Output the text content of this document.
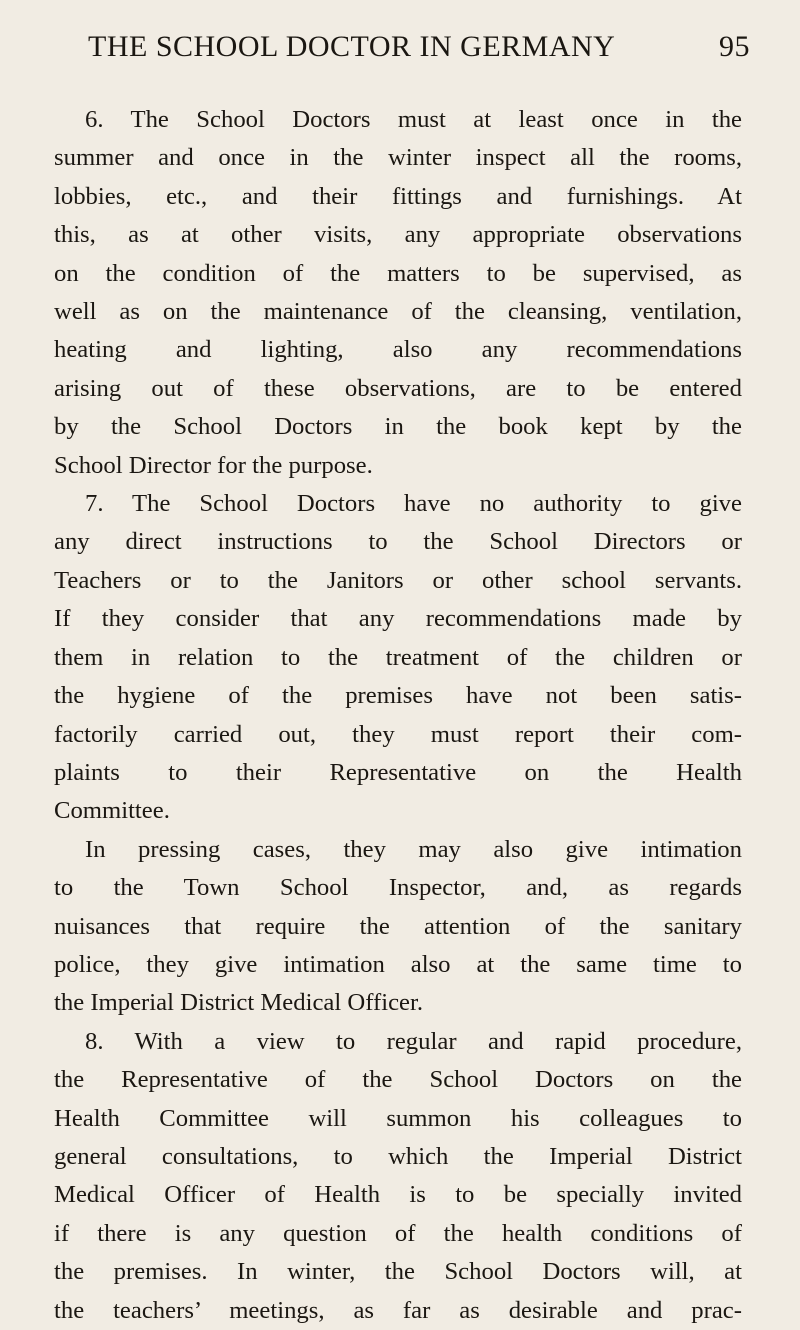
THE SCHOOL DOCTOR IN GERMANY	95
6. The School Doctors must at least once in the
summer and once in the winter inspect all the rooms,
lobbies, etc., and their fittings and furnishings. At
this, as at other visits, any appropriate observations
on the condition of the matters to be supervised, as
well as on the maintenance of the cleansing, ventilation,
heating and lighting, also any recommendations
arising out of these observations, are to be entered
by the School Doctors in the book kept by the
School Director for the purpose.
7. The School Doctors have no authority to give
any direct instructions to the School Directors or
Teachers or to the Janitors or other school servants.
If they consider that any recommendations made by
them in relation to the treatment of the children or
the hygiene of the premises have not been satis-
factorily carried out, they must report their com-
plaints to their Representative on the Health
Committee.
In pressing cases, they may also give intimation
to the Town School Inspector, and, as regards
nuisances that require the attention of the sanitary
police, they give intimation also at the same time to
the Imperial District Medical Officer.
8. With a view to regular and rapid procedure,
the Representative of the School Doctors on the
Health Committee will summon his colleagues to
general consultations, to which the Imperial District
Medical Officer of Health is to be specially invited
if there is any question of the health conditions of
the premises. In winter, the School Doctors will, at
the teachers’ meetings, as far as desirable and prac-
